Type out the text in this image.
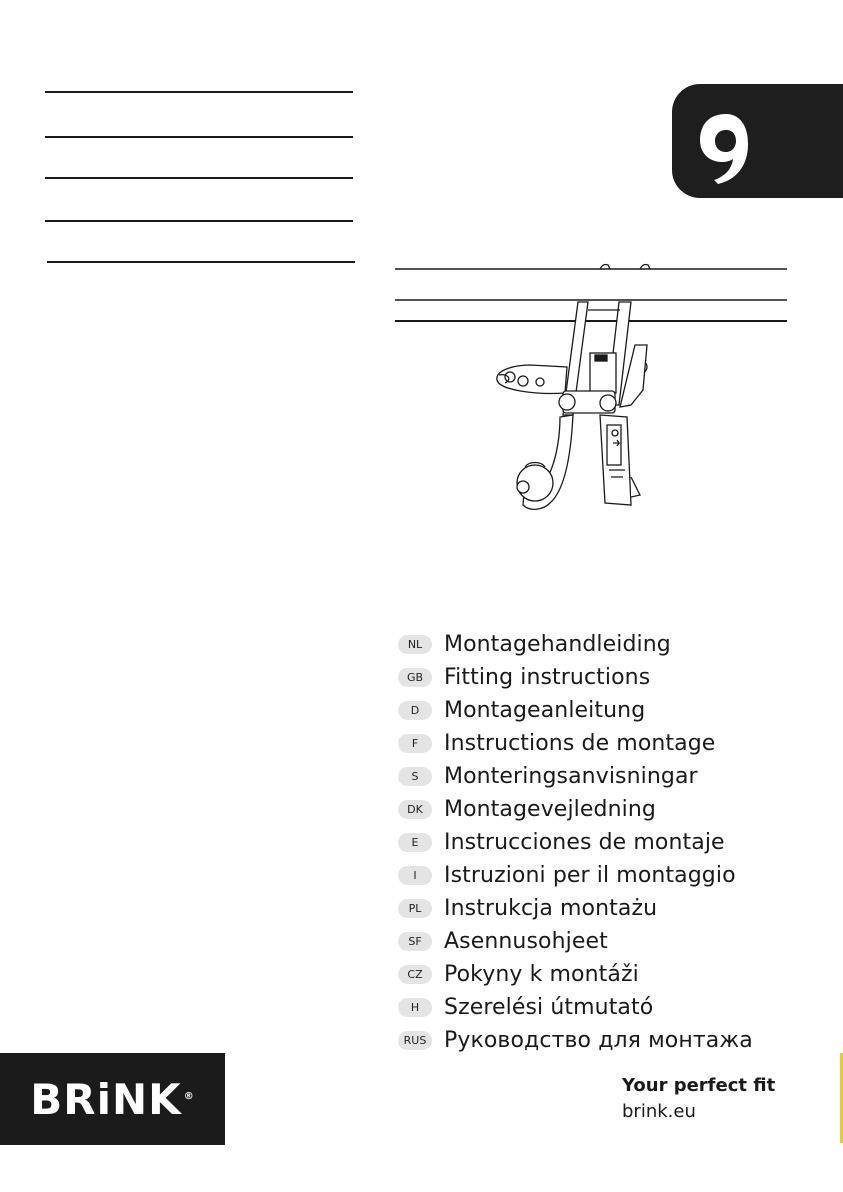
NL Montagehandleiding
GB Fitting instructions
D	Montageanleitung
F	Instructions de montage
S	Monteringsanvisningar
DK Montagevejledning
E	Instrucciones de montaje
I	Istruzioni per il montaggio
PL	Instrukcja montażu
SF	Asennusohjeet
CZ Pokyny k montáži
H	Szerelési útmutató
RUS Руководство для монтажа
BRiNK ®	Your perfect fit
brink.eu
